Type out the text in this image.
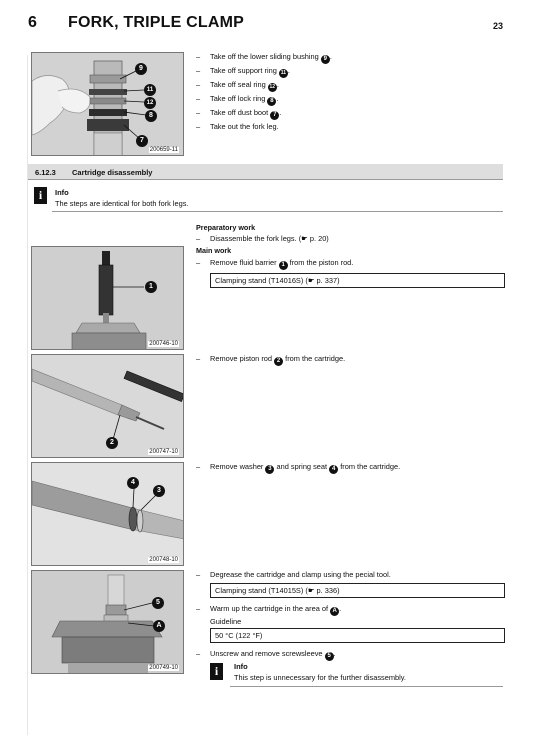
6 FORK, TRIPLE CLAMP	23
9
11
12
8
7
200659-11
– Take off the lower sliding bushing 9 .
– Take off support ring 11 .
– Take off seal ring 12 .
– Take off lock ring 8 .
– Take off dust boot 7 .
– Take out the fork leg.
6.12.3 Cartridge disassembly
i	Info
The steps are identical for both fork legs.
1
200746-10
Preparatory work
– Disassemble the fork legs. (☛ p. 20)
Main work
– Remove fluid barrier 1 from the piston rod.
Clamping stand (T14016S) (☛ p. 337)
2
200747-10
– Remove piston rod 2 from the cartridge.
4
3
200748-10
– Remove washer 3 and spring seat 4 from the cartridge.
5
A
200749-10
– Degrease the cartridge and clamp using the pecial tool.
Clamping stand (T14015S) (☛ p. 336)
– Warm up the cartridge in the area of A .
Guideline
50 °C (122 °F)
– Unscrew and remove screwsleeve 5 .
i	Info
This step is unnecessary for the further disassembly.
